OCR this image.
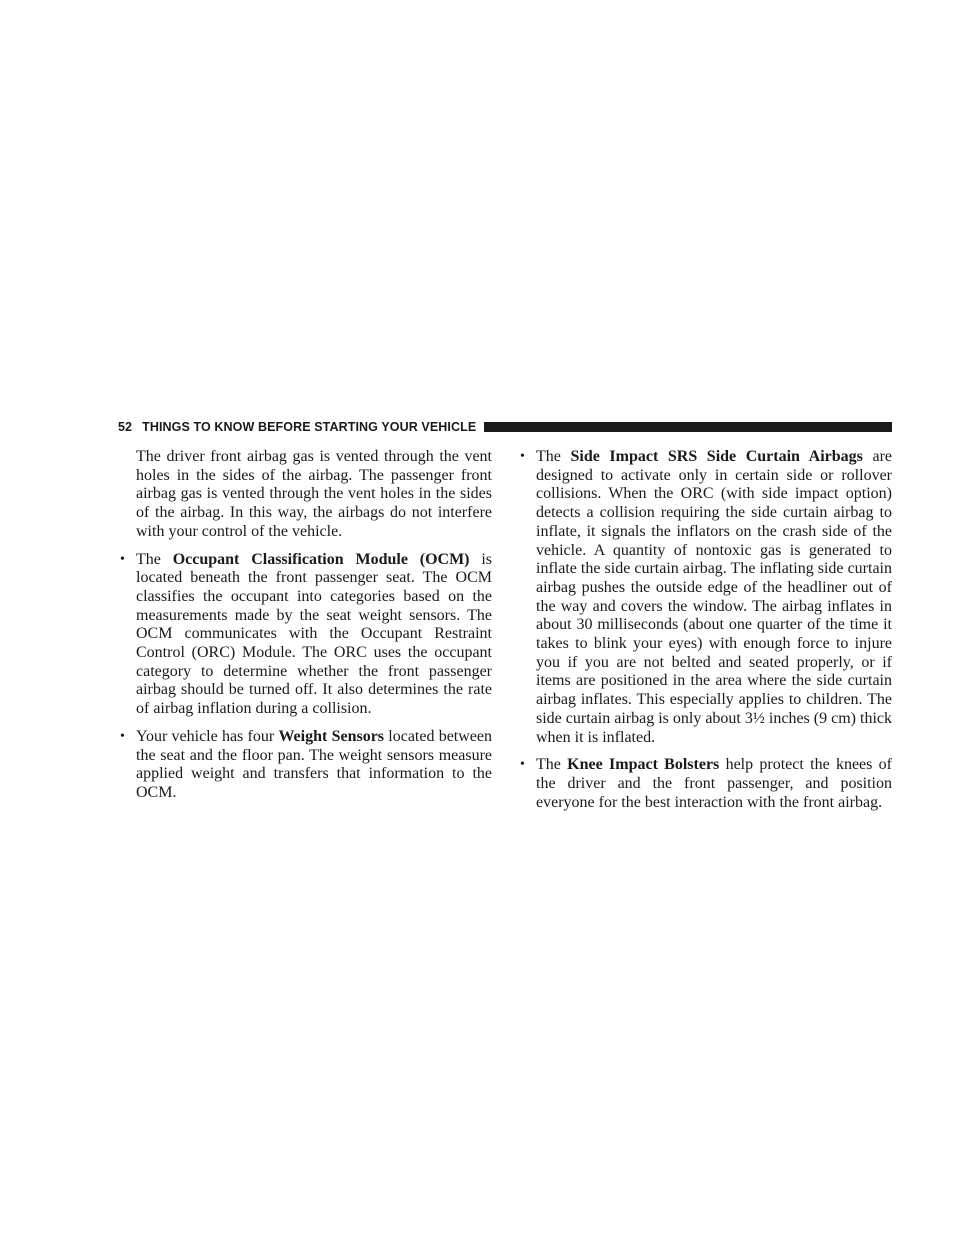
52 THINGS TO KNOW BEFORE STARTING YOUR VEHICLE

The driver front airbag gas is vented through the vent holes in the sides of the airbag. The passenger front airbag gas is vented through the vent holes in the sides of the airbag. In this way, the airbags do not interfere with your control of the vehicle.

• The Occupant Classification Module (OCM) is located beneath the front passenger seat. The OCM classifies the occupant into categories based on the measurements made by the seat weight sensors. The OCM communicates with the Occupant Restraint Control (ORC) Module. The ORC uses the occupant category to determine whether the front passenger airbag should be turned off. It also determines the rate of airbag inflation during a collision.
• Your vehicle has four Weight Sensors located between the seat and the floor pan. The weight sensors measure applied weight and transfers that information to the OCM.
• The Side Impact SRS Side Curtain Airbags are designed to activate only in certain side or rollover collisions. When the ORC (with side impact option) detects a collision requiring the side curtain airbag to inflate, it signals the inflators on the crash side of the vehicle. A quantity of nontoxic gas is generated to inflate the side curtain airbag. The inflating side curtain airbag pushes the outside edge of the headliner out of the way and covers the window. The airbag inflates in about 30 milliseconds (about one quarter of the time it takes to blink your eyes) with enough force to injure you if you are not belted and seated properly, or if items are positioned in the area where the side curtain airbag inflates. This especially applies to children. The side curtain airbag is only about 3½ inches (9 cm) thick when it is inflated.
• The Knee Impact Bolsters help protect the knees of the driver and the front passenger, and position everyone for the best interaction with the front airbag.
